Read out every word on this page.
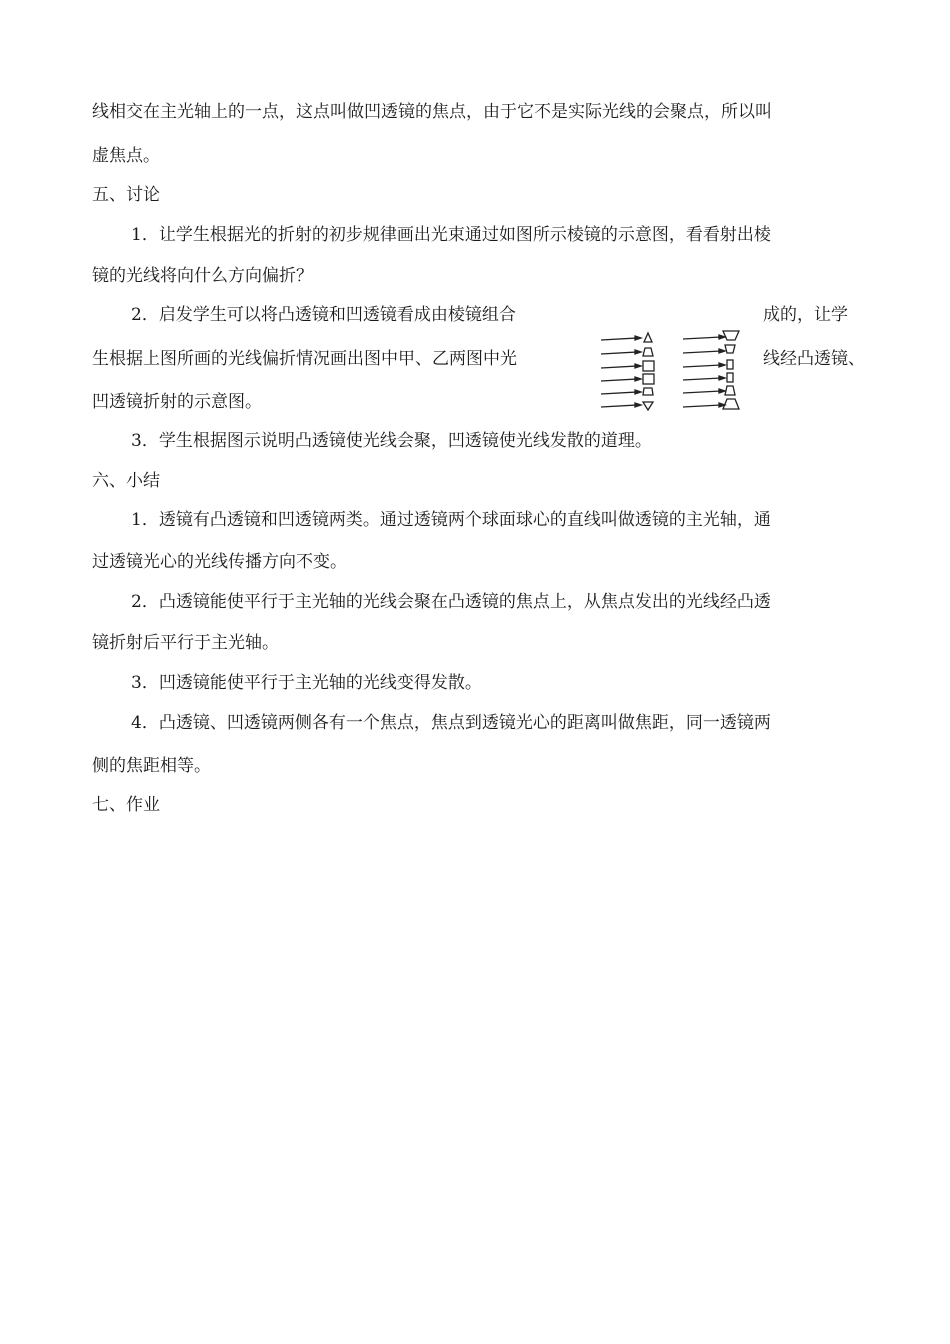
线相交在主光轴上的一点，这点叫做凹透镜的焦点，由于它不是实际光线的会聚点，所以叫
虚焦点。
五、讨论
1．让学生根据光的折射的初步规律画出光束通过如图所示棱镜的示意图，看看射出棱
镜的光线将向什么方向偏折？
2．启发学生可以将凸透镜和凹透镜看成由棱镜组合	成的，让学
生根据上图所画的光线偏折情况画出图中甲、乙两图中光	线经凸透镜、
凹透镜折射的示意图。
3．学生根据图示说明凸透镜使光线会聚，凹透镜使光线发散的道理。
六、小结
1．透镜有凸透镜和凹透镜两类。通过透镜两个球面球心的直线叫做透镜的主光轴，通
过透镜光心的光线传播方向不变。
2．凸透镜能使平行于主光轴的光线会聚在凸透镜的焦点上，从焦点发出的光线经凸透
镜折射后平行于主光轴。
3．凹透镜能使平行于主光轴的光线变得发散。
4．凸透镜、凹透镜两侧各有一个焦点，焦点到透镜光心的距离叫做焦距，同一透镜两
侧的焦距相等。
七、作业
